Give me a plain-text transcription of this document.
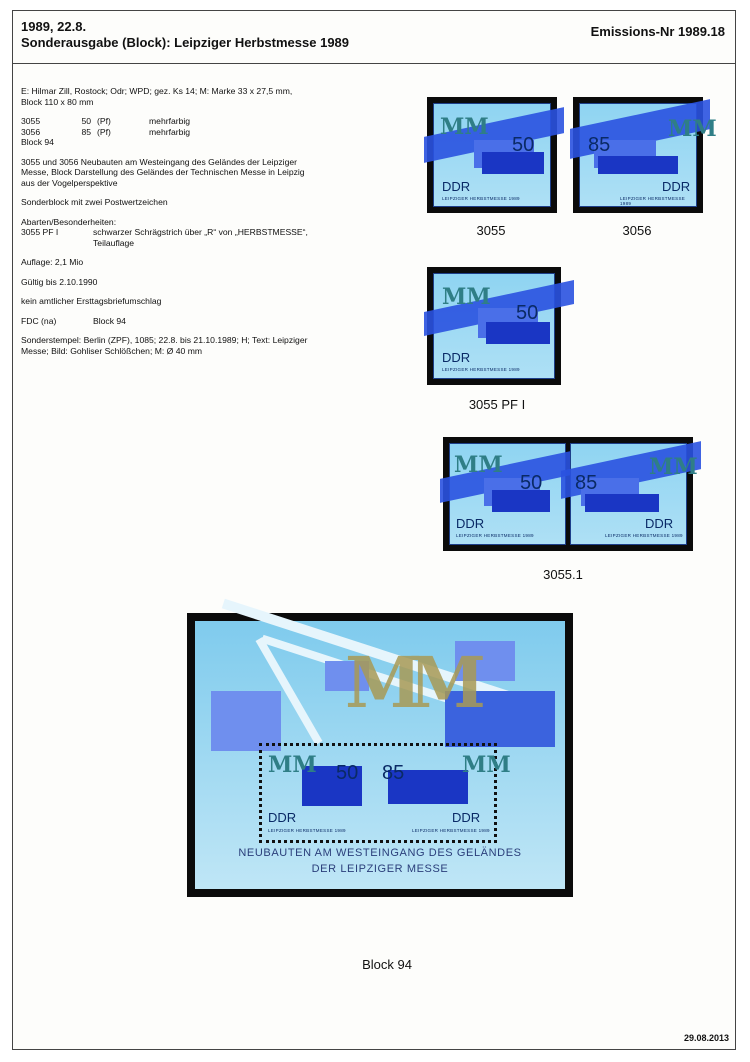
1989, 22.8.
Sonderausgabe (Block): Leipziger Herbstmesse 1989
Emissions-Nr 1989.18

E: Hilmar Zill, Rostock; Odr; WPD; gez. Ks 14; M: Marke 33 x 27,5 mm,
Block 110 x 80 mm

3055	50 (Pf)	mehrfarbig
3056	85 (Pf)	mehrfarbig
Block 94

3055 und 3056 Neubauten am Westeingang des Geländes der Leipziger
Messe, Block Darstellung des Geländes der Technischen Messe in Leipzig
aus der Vogelperspektive

Sonderblock mit zwei Postwertzeichen

Abarten/Besonderheiten:
3055 PF I	schwarzer Schrägstrich über „R“ von „HERBSTMESSE“,
Teilauflage

Auflage: 2,1 Mio

Gültig bis 2.10.1990

kein amtlicher Ersttagsbriefumschlag

FDC (na)	Block 94

Sonderstempel: Berlin (ZPF), 1085; 22.8. bis 21.10.1989; H; Text: Leipziger
Messe; Bild: Gohliser Schlößchen; M: Ø 40 mm

MM
50
DDR
LEIPZIGER HERBSTMESSE 1989
3055
MM
85
DDR
LEIPZIGER HERBSTMESSE 1989
3056
MM
50
DDR
LEIPZIGER HERBSTMESSE 1989
3055 PF I
MM
50
DDR
LEIPZIGER HERBSTMESSE 1989
MM
85
DDR
LEIPZIGER HERBSTMESSE 1989
3055.1
MM
MM 50
DDR
LEIPZIGER HERBSTMESSE 1989
MM
85
DDR
LEIPZIGER HERBSTMESSE 1989
NEUBAUTEN AM WESTEINGANG DES GELÄNDES
DER LEIPZIGER MESSE
Block 94
29.08.2013
